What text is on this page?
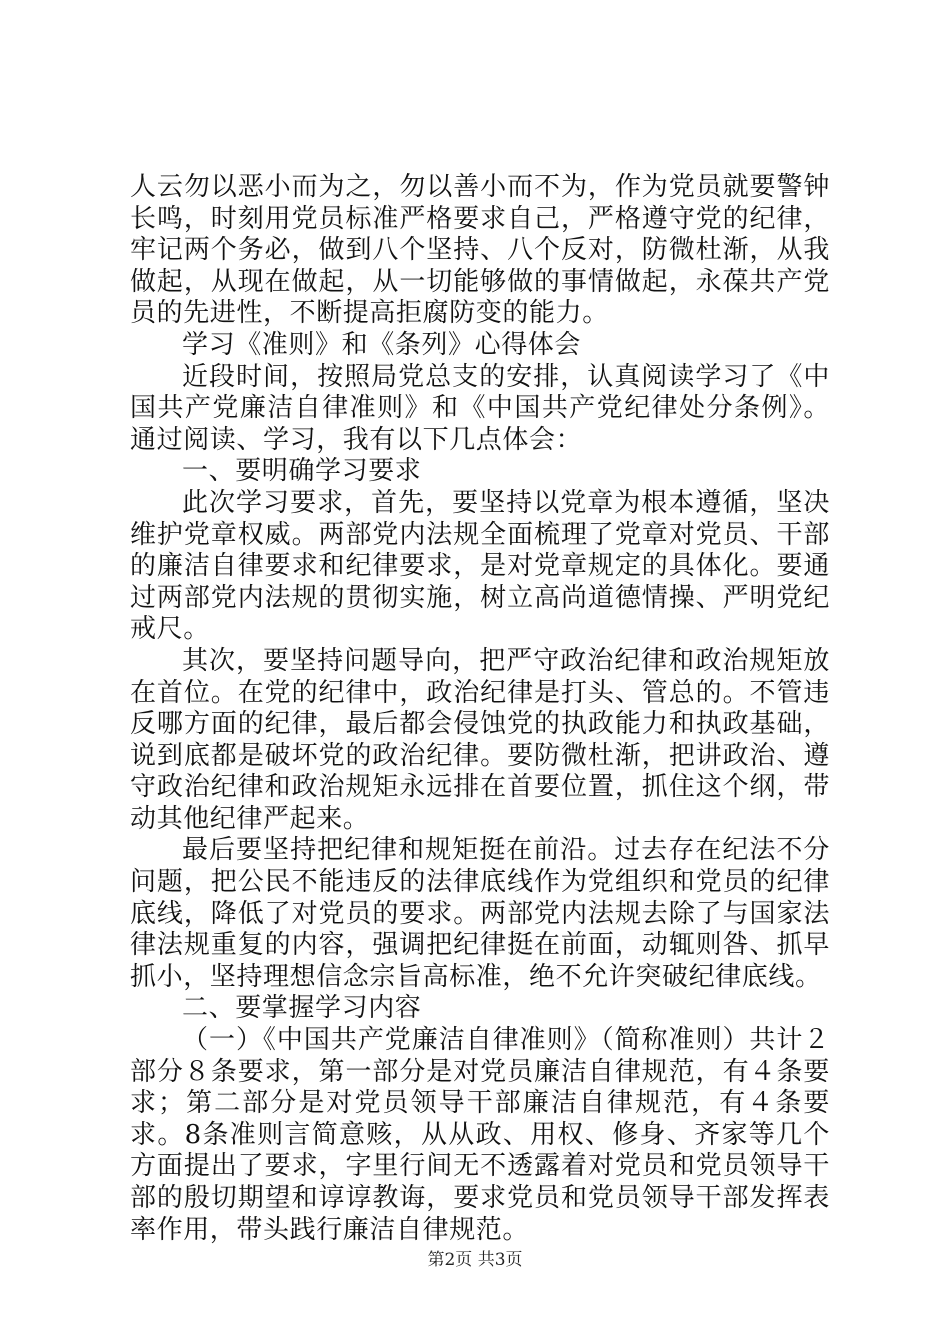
人云勿以恶小而为之，勿以善小而不为，作为党员就要警钟长鸣，时刻用党员标准严格要求自己，严格遵守党的纪律，牢记两个务必，做到八个坚持、八个反对，防微杜渐，从我做起，从现在做起，从一切能够做的事情做起，永葆共产党员的先进性，不断提高拒腐防变的能力。

学习《准则》和《条列》心得体会

近段时间，按照局党总支的安排，认真阅读学习了《中国共产党廉洁自律准则》和《中国共产党纪律处分条例》。通过阅读、学习，我有以下几点体会：

一、要明确学习要求

此次学习要求，首先，要坚持以党章为根本遵循，坚决维护党章权威。两部党内法规全面梳理了党章对党员、干部的廉洁自律要求和纪律要求，是对党章规定的具体化。要通过两部党内法规的贯彻实施，树立高尚道德情操、严明党纪戒尺。

其次，要坚持问题导向，把严守政治纪律和政治规矩放在首位。在党的纪律中，政治纪律是打头、管总的。不管违反哪方面的纪律，最后都会侵蚀党的执政能力和执政基础，说到底都是破坏党的政治纪律。要防微杜渐，把讲政治、遵守政治纪律和政治规矩永远排在首要位置，抓住这个纲，带动其他纪律严起来。

最后要坚持把纪律和规矩挺在前沿。过去存在纪法不分问题，把公民不能违反的法律底线作为党组织和党员的纪律底线，降低了对党员的要求。两部党内法规去除了与国家法律法规重复的内容，强调把纪律挺在前面，动辄则咎、抓早抓小，坚持理想信念宗旨高标准，绝不允许突破纪律底线。

二、要掌握学习内容

（一）《中国共产党廉洁自律准则》（简称准则）共计２部分８条要求，第一部分是对党员廉洁自律规范，有４条要求；第二部分是对党员领导干部廉洁自律规范，有４条要求。8条准则言简意赅，从从政、用权、修身、齐家等几个方面提出了要求，字里行间无不透露着对党员和党员领导干部的殷切期望和谆谆教诲，要求党员和党员领导干部发挥表率作用，带头践行廉洁自律规范。

第2页 共3页
